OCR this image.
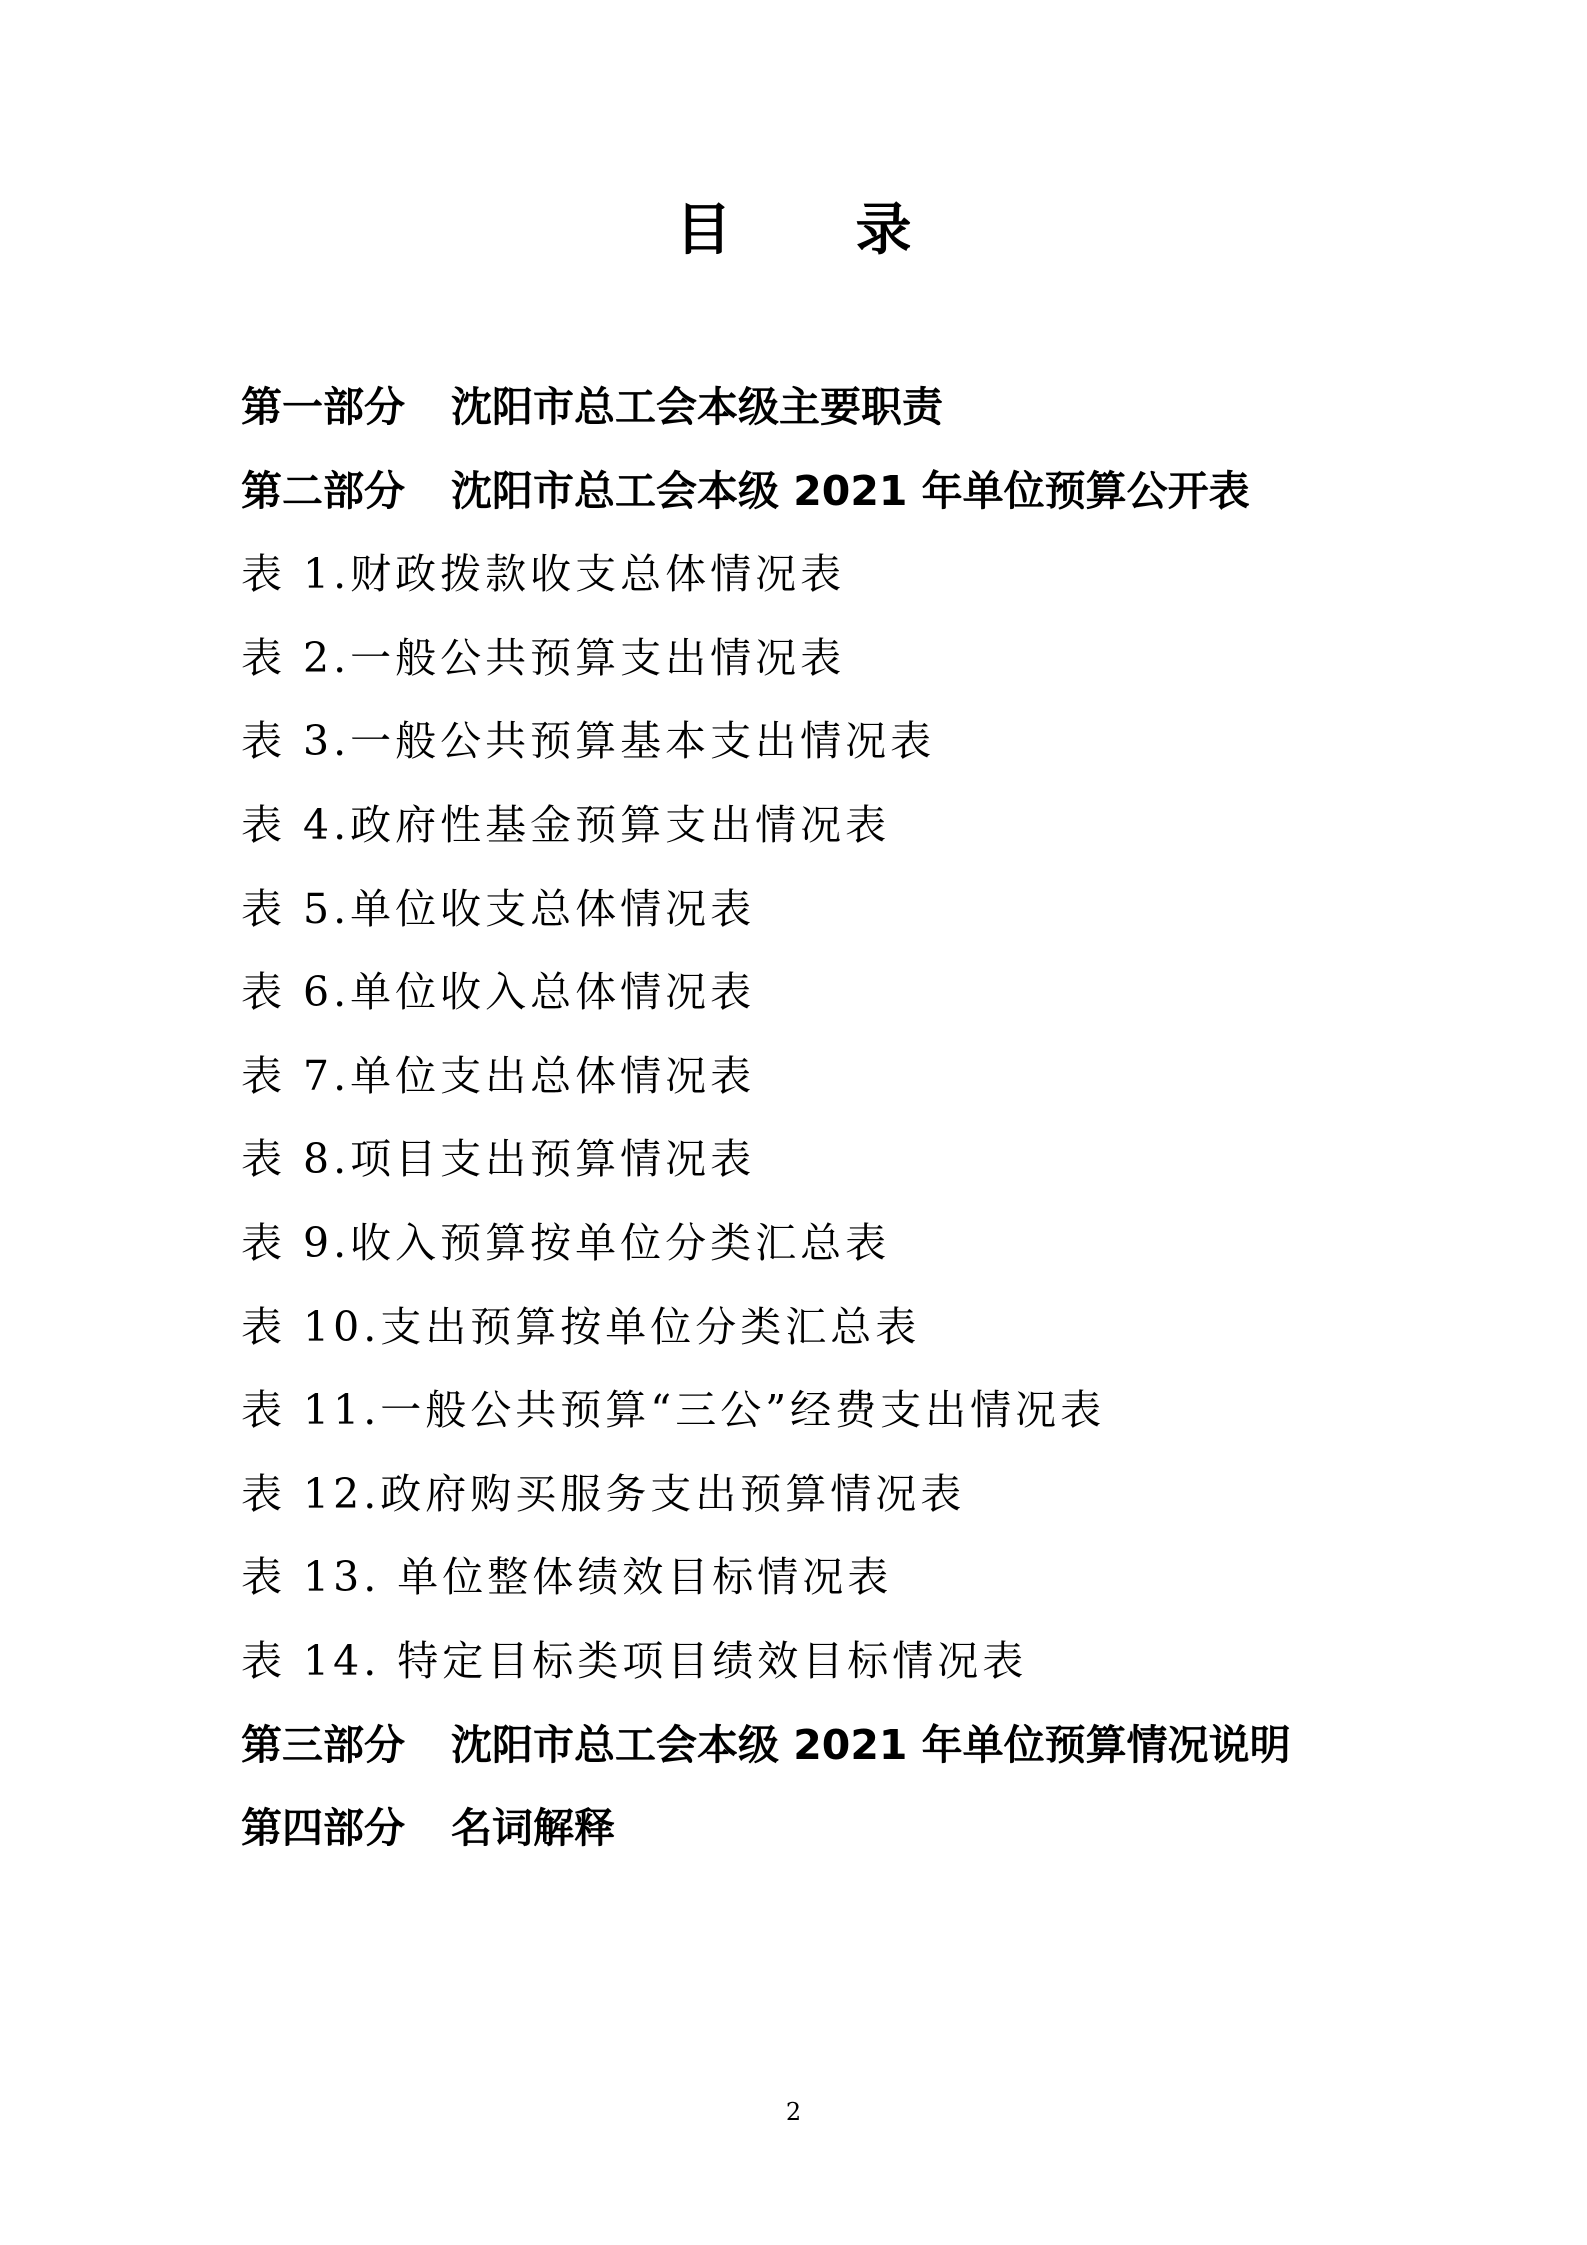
目 录
第一部分 沈阳市总工会本级主要职责
第二部分 沈阳市总工会本级 2021 年单位预算公开表
表 1.财政拨款收支总体情况表
表 2.一般公共预算支出情况表
表 3.一般公共预算基本支出情况表
表 4.政府性基金预算支出情况表
表 5.单位收支总体情况表
表 6.单位收入总体情况表
表 7.单位支出总体情况表
表 8.项目支出预算情况表
表 9.收入预算按单位分类汇总表
表 10.支出预算按单位分类汇总表
表 11.一般公共预算“三公”经费支出情况表
表 12.政府购买服务支出预算情况表
表 13. 单位整体绩效目标情况表
表 14. 特定目标类项目绩效目标情况表
第三部分 沈阳市总工会本级 2021 年单位预算情况说明
第四部分 名词解释
2
